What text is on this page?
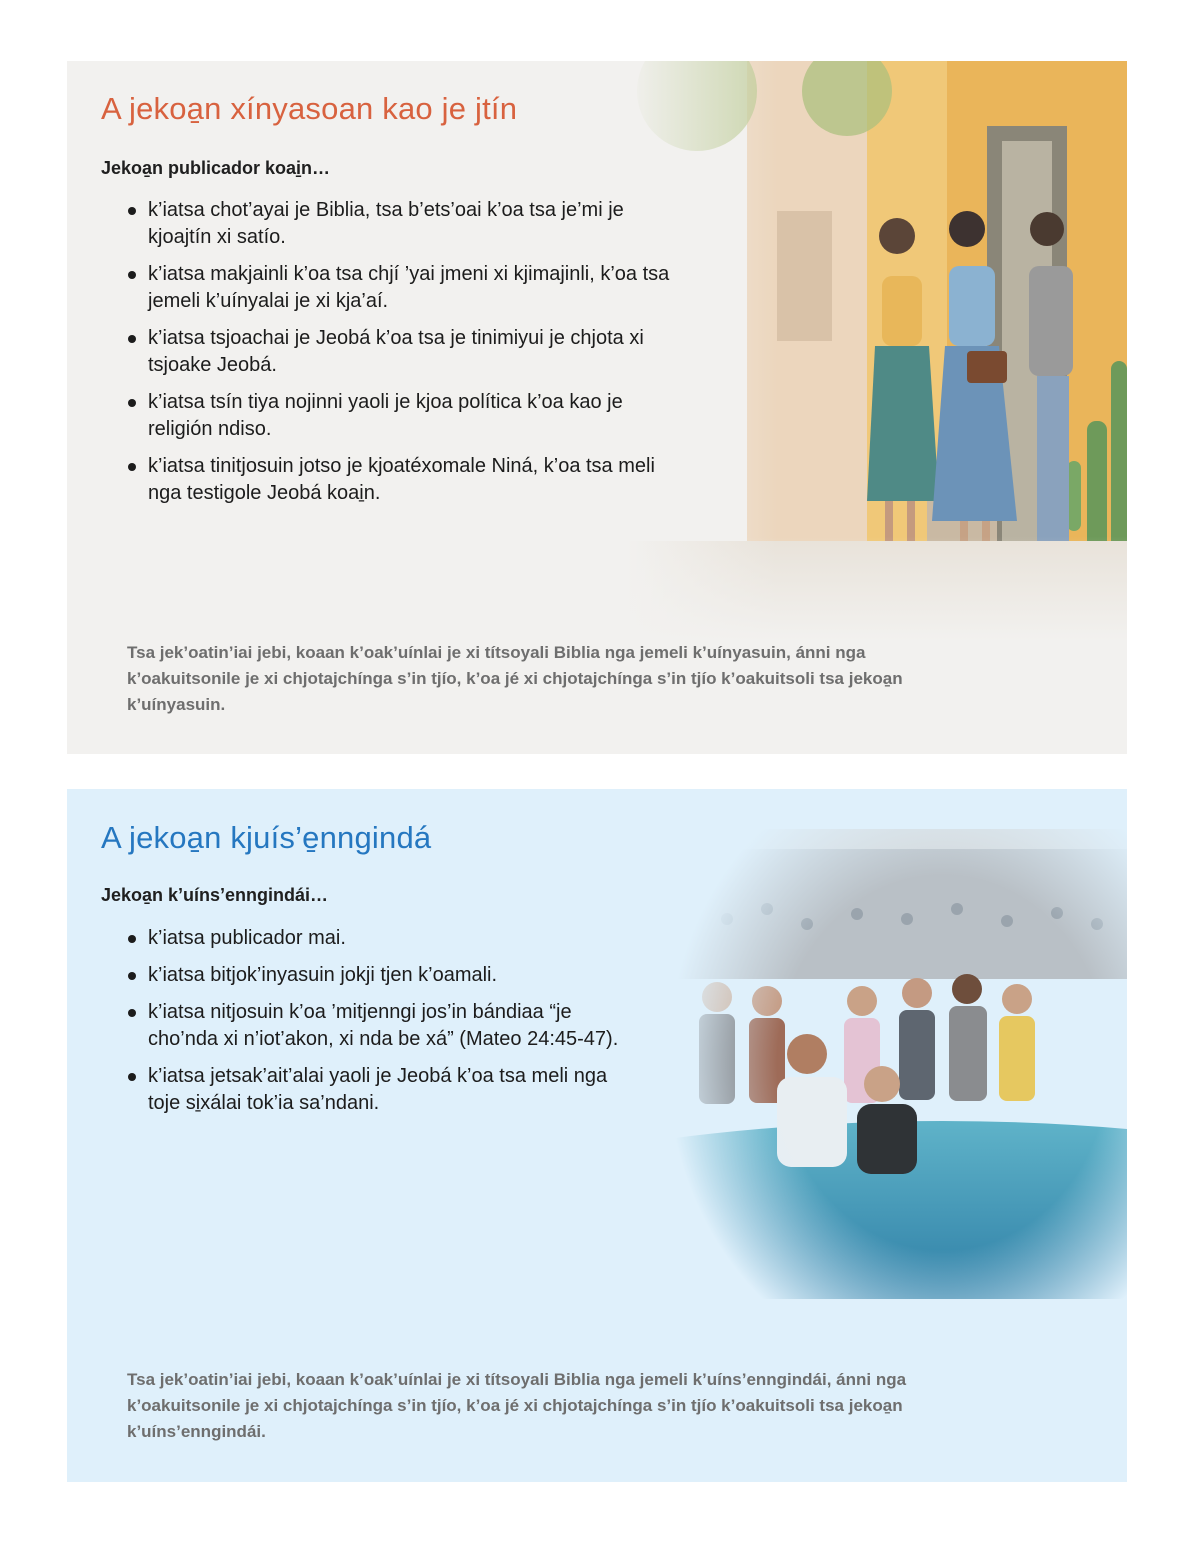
A jekoa̱n xínyasoan kao je jtín

Jekoa̱n publicador koai̱n…

k’iatsa chot’ayai je Biblia, tsa b’ets’oai k’oa tsa je’mi je kjoajtín xi satío.
k’iatsa makjainli k’oa tsa chjí ’yai jmeni xi kjimajinli, k’oa tsa jemeli k’uínyalai je xi kja’aí.
k’iatsa tsjoachai je Jeobá k’oa tsa je tinimiyui je chjota xi tsjoake Jeobá.
k’iatsa tsín tiya nojinni yaoli je kjoa política k’oa kao je religión ndiso.
k’iatsa tinitjosuin jotso je kjoatéxomale Niná, k’oa tsa meli nga testigole Jeobá koai̱n.

Tsa jek’oatin’iai jebi, koaan k’oak’uínlai je xi títsoyali Biblia nga jemeli k’uínyasuin, ánni nga k’oakuitsonile je xi chjotajchínga s’in tjío, k’oa jé xi chjotajchínga s’in tjío k’oakuitsoli tsa jekoa̱n k’uínyasuin.

A jekoa̱n kjuís’e̱nngindá

Jekoa̱n k’uíns’enngindái…

k’iatsa publicador mai.
k’iatsa bitjok’inyasuin jokji tjen k’oamali.
k’iatsa nitjosuin k’oa ’mitjenngi jos’in bándiaa “je cho’nda xi n’iot’akon, xi nda be xá” (Mateo 24:45-47).
k’iatsa jetsak’ait’alai yaoli je Jeobá k’oa tsa meli nga toje si̱xálai tok’ia sa’ndani.

Tsa jek’oatin’iai jebi, koaan k’oak’uínlai je xi títsoyali Biblia nga jemeli k’uíns’enngindái, ánni nga k’oakuitsonile je xi chjotajchínga s’in tjío, k’oa jé xi chjotajchínga s’in tjío k’oakuitsoli tsa jekoa̱n k’uíns’enngindái.
